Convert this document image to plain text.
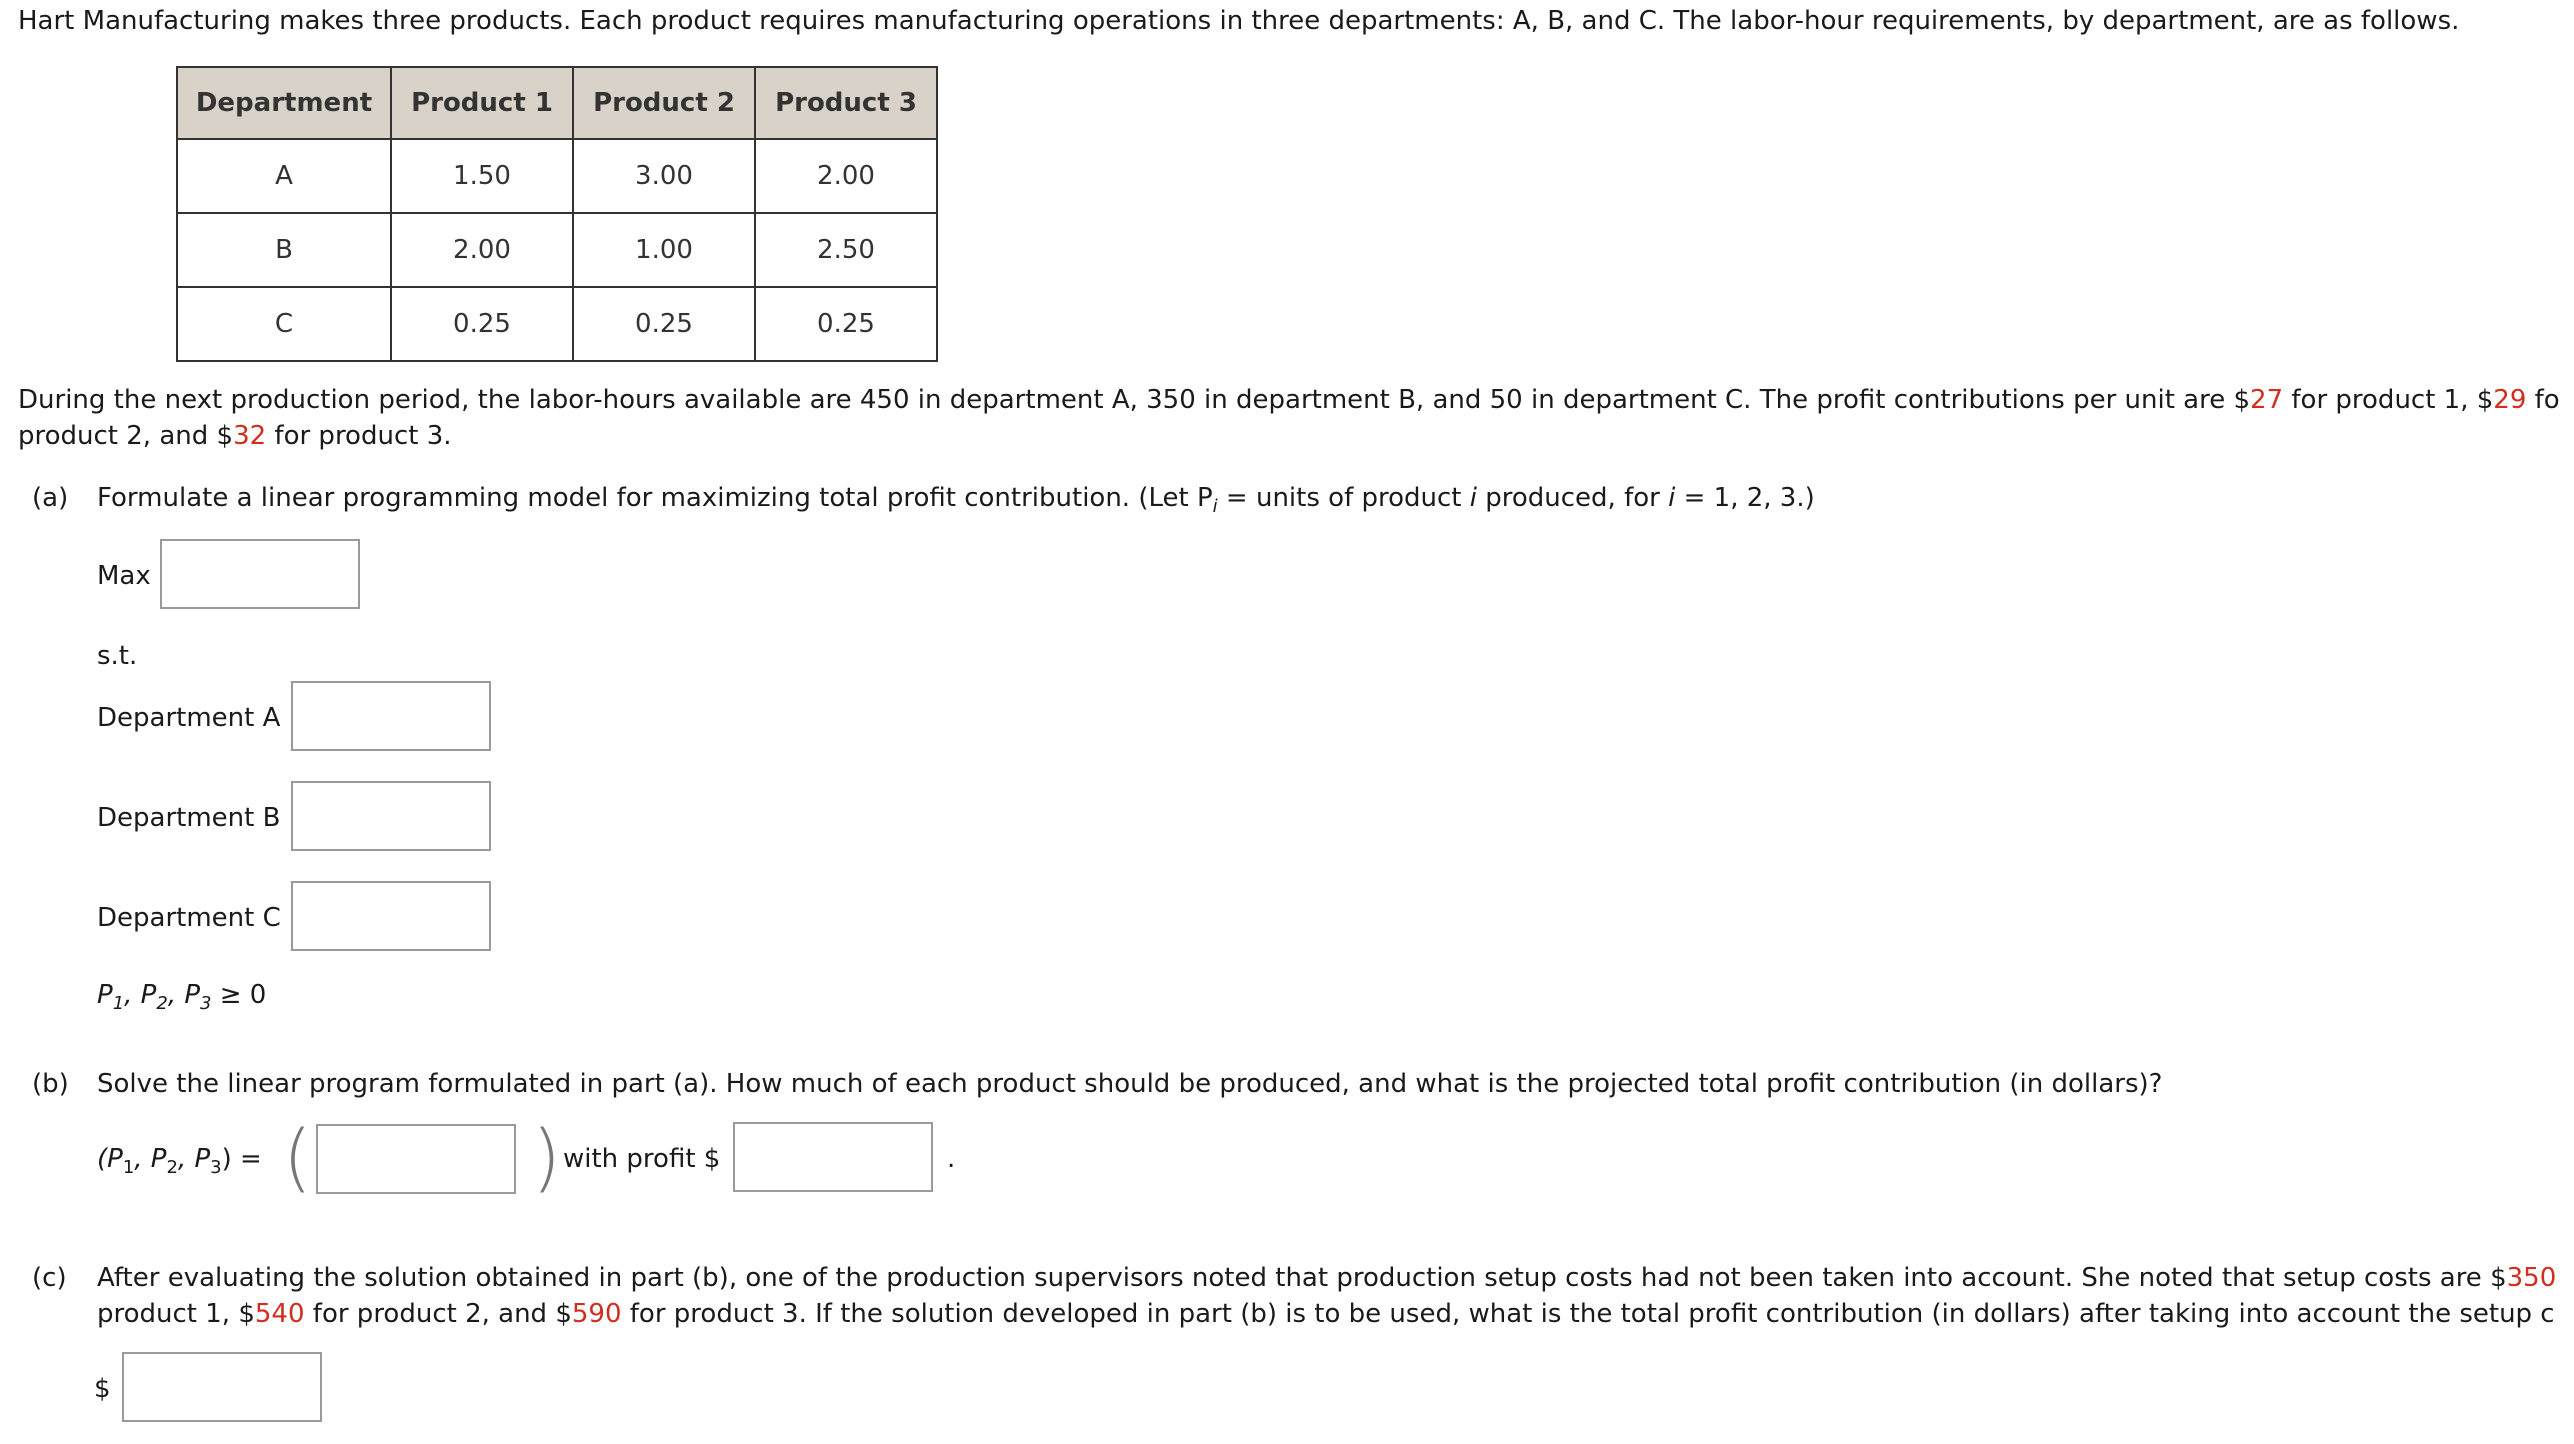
Hart Manufacturing makes three products. Each product requires manufacturing operations in three departments: A, B, and C. The labor-hour requirements, by department, are as follows.
Department	Product 1	Product 2	Product 3
A	1.50	3.00	2.00
B	2.00	1.00	2.50
C	0.25	0.25	0.25
During the next production period, the labor-hours available are 450 in department A, 350 in department B, and 50 in department C. The profit contributions per unit are $27 for product 1, $29 fo
product 2, and $32 for product 3.
(a) Formulate a linear programming model for maximizing total profit contribution. (Let $P_i$ = units of product i produced, for i = 1, 2, 3.)
Max
s.t.
Department A
Department B
Department C
$P_1$, $P_2$, $P_3 \ge 0$
(b) Solve the linear program formulated in part (a). How much of each product should be produced, and what is the projected total profit contribution (in dollars)?
($P_1$, $P_2$, $P_3$) = (	) with profit $	.
(c) After evaluating the solution obtained in part (b), one of the production supervisors noted that production setup costs had not been taken into account. She noted that setup costs are $350
product 1, $540 for product 2, and $590 for product 3. If the solution developed in part (b) is to be used, what is the total profit contribution (in dollars) after taking into account the setup c
$
